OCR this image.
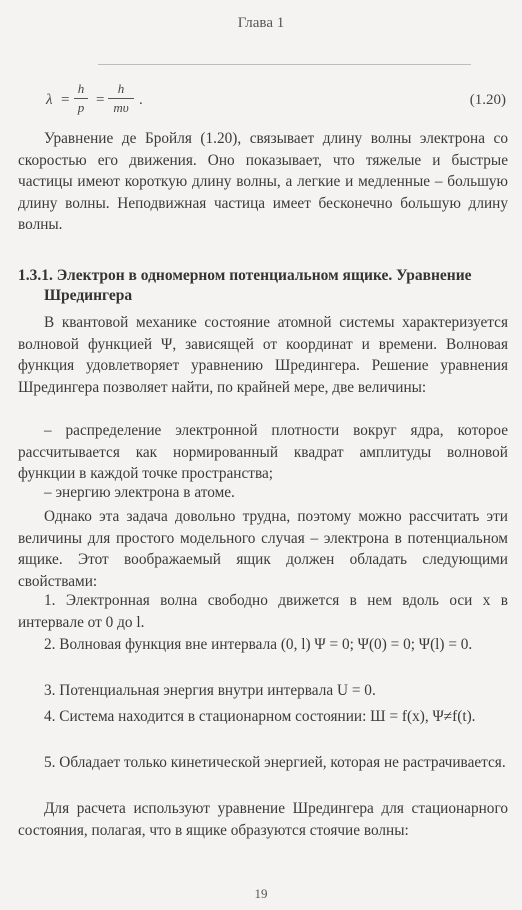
Глава 1
λ =
h
p =
h
mυ .	(1.20)

Уравнение де Бройля (1.20), связывает длину волны электрона со скоростью его движения. Оно показывает, что тяжелые и быстрые частицы имеют короткую длину волны, а легкие и медленные – большую длину волны. Неподвижная частица имеет бесконечно большую длину волны.

1.3.1. Электрон в одномерном потенциальном ящике. Уравнение
Шредингера

В квантовой механике состояние атомной системы характеризуется волновой функцией Ψ, зависящей от координат и времени. Волновая функция удовлетворяет уравнению Шредингера. Решение уравнения Шредингера позволяет найти, по крайней мере, две величины:

– распределение электронной плотности вокруг ядра, которое рассчитывается как нормированный квадрат амплитуды волновой функции в каждой точке пространства;

– энергию электрона в атоме.

Однако эта задача довольно трудна, поэтому можно рассчитать эти величины для простого модельного случая – электрона в потенциальном ящике. Этот воображаемый ящик должен обладать следующими свойствами:

1. Электронная волна свободно движется в нем вдоль оси x в интервале от 0 до l.

2. Волновая функция вне интервала (0, l) Ψ = 0; Ψ(0) = 0; Ψ(l) = 0.

3. Потенциальная энергия внутри интервала U = 0.

4. Система находится в стационарном состоянии: Ш = f(x), Ψ≠f(t).

5. Обладает только кинетической энергией, которая не растрачивается.

Для расчета используют уравнение Шредингера для стационарного состояния, полагая, что в ящике образуются стоячие волны:

19
